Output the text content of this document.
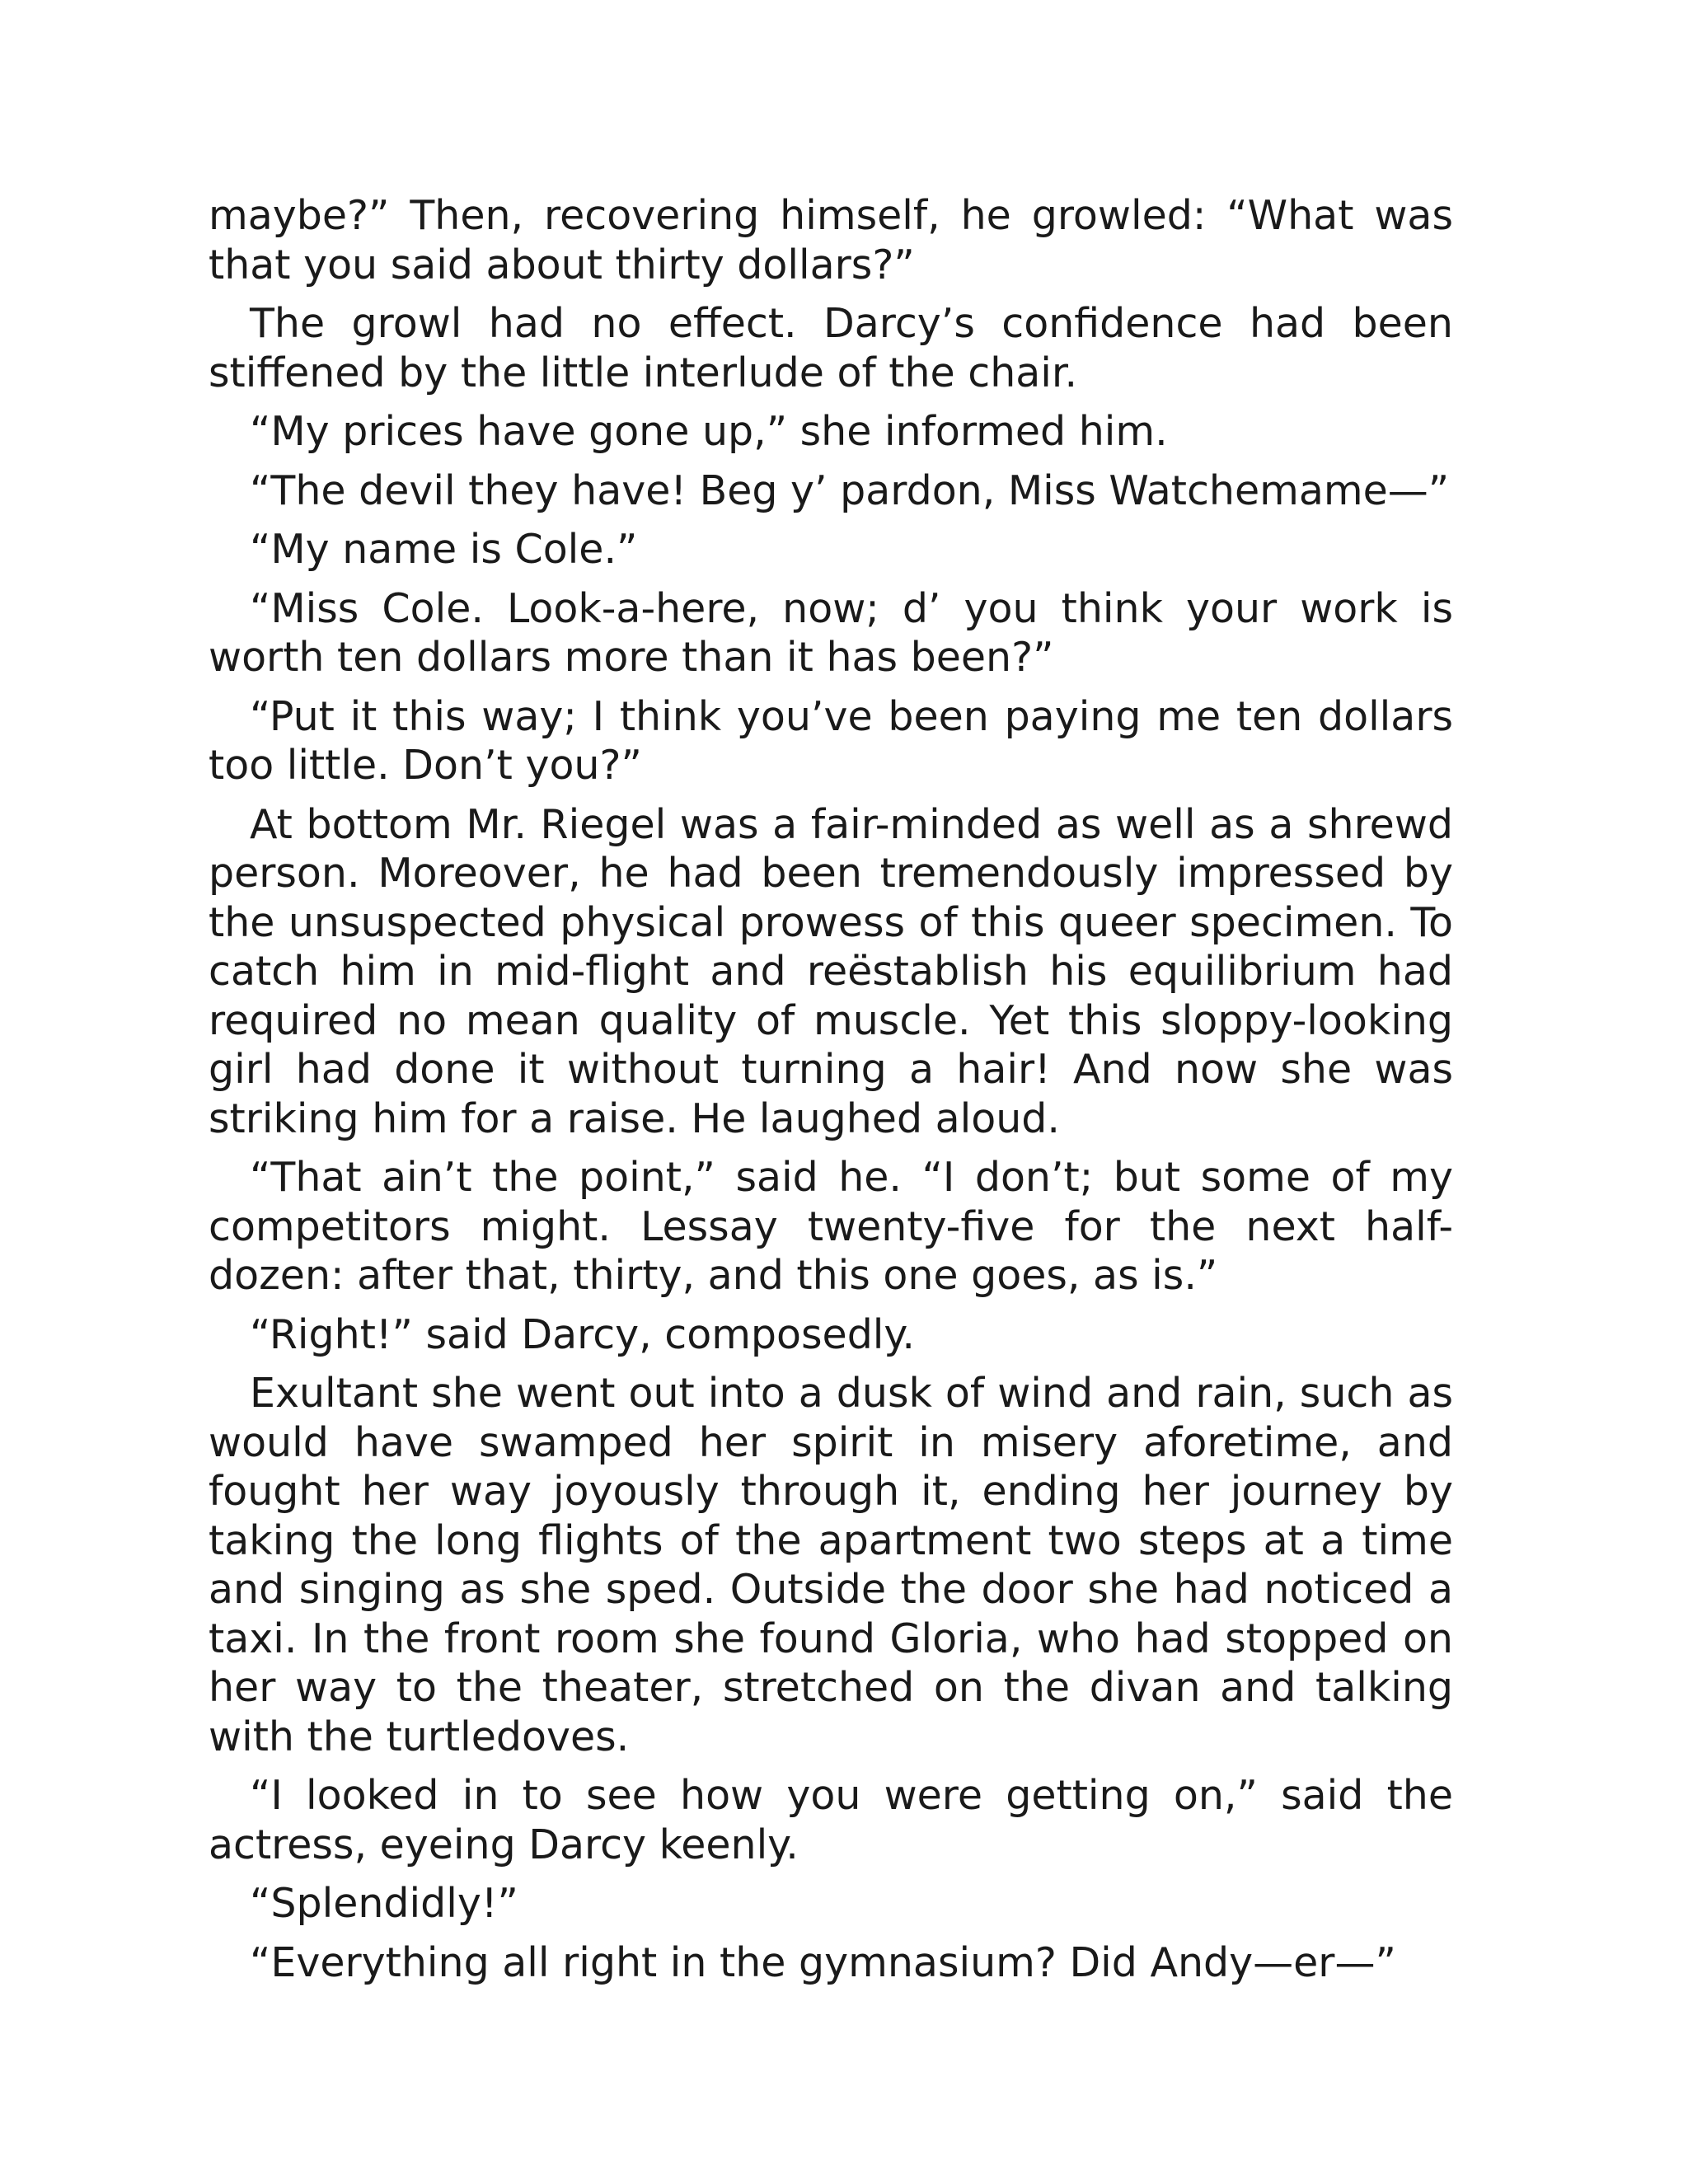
maybe?” Then, recovering himself, he growled: “What was that you said about thirty dollars?”

The growl had no effect. Darcy’s confidence had been stiffened by the little interlude of the chair.

“My prices have gone up,” she informed him.

“The devil they have! Beg y’ pardon, Miss Watchemame—”

“My name is Cole.”

“Miss Cole. Look-a-here, now; d’ you think your work is worth ten dollars more than it has been?”

“Put it this way; I think you’ve been paying me ten dollars too little. Don’t you?”

At bottom Mr. Riegel was a fair-minded as well as a shrewd person. Moreover, he had been tremendously impressed by the unsuspected physical prowess of this queer specimen. To catch him in mid-flight and reëstablish his equilibrium had required no mean quality of muscle. Yet this sloppy-looking girl had done it without turning a hair! And now she was striking him for a raise. He laughed aloud.

“That ain’t the point,” said he. “I don’t; but some of my competitors might. Lessay twenty-five for the next half-dozen: after that, thirty, and this one goes, as is.”

“Right!” said Darcy, composedly.

Exultant she went out into a dusk of wind and rain, such as would have swamped her spirit in misery aforetime, and fought her way joyously through it, ending her journey by taking the long flights of the apartment two steps at a time and singing as she sped. Outside the door she had noticed a taxi. In the front room she found Gloria, who had stopped on her way to the theater, stretched on the divan and talking with the turtledoves.

“I looked in to see how you were getting on,” said the actress, eyeing Darcy keenly.

“Splendidly!”

“Everything all right in the gymnasium? Did Andy—er—”
